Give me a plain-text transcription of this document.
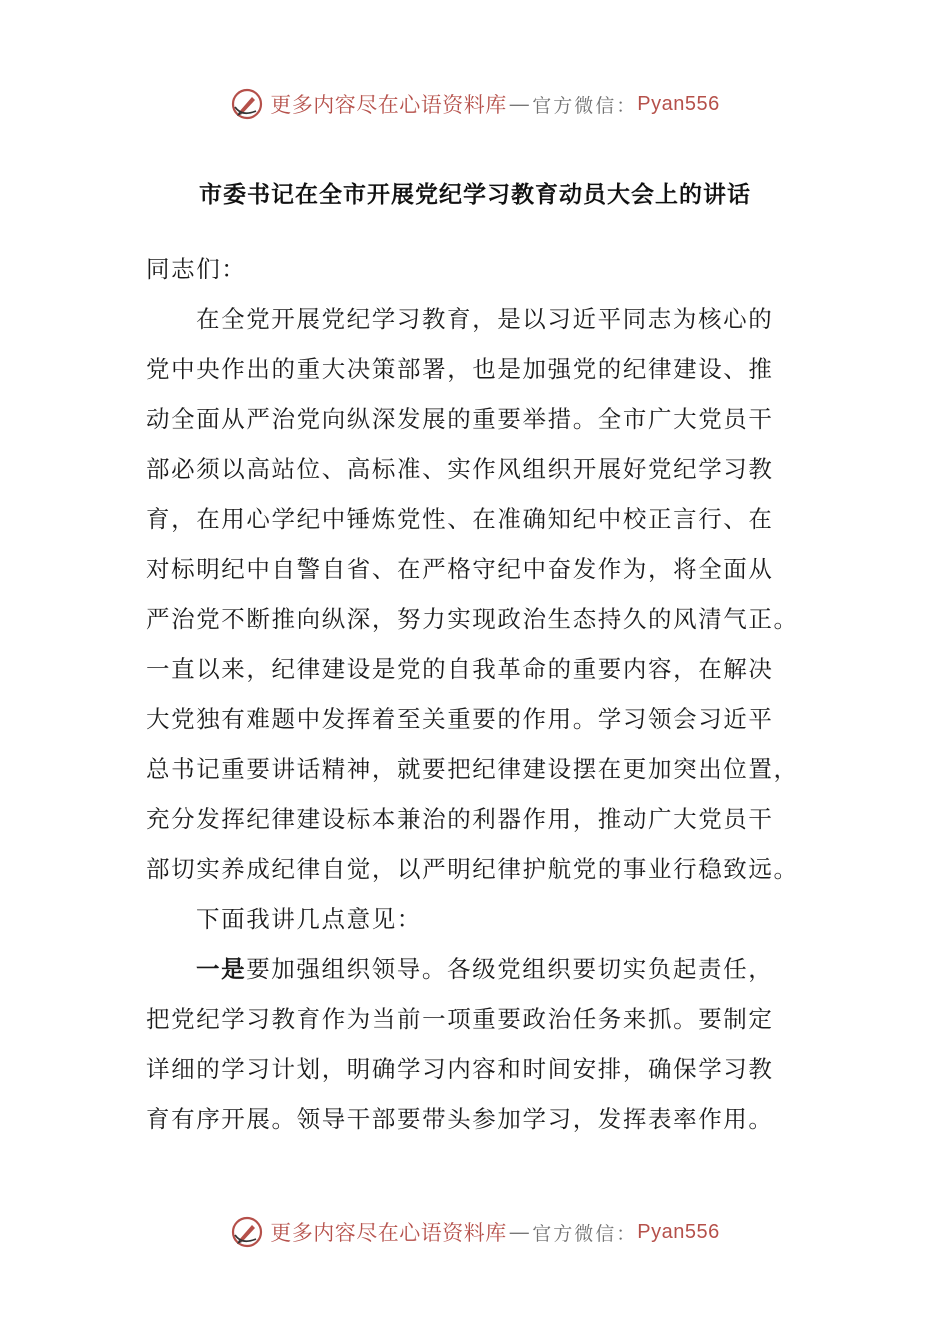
更多内容尽在心语资料库 — 官方微信： Pyan556
市委书记在全市开展党纪学习教育动员大会上的讲话
同志们：
在全党开展党纪学习教育，是以习近平同志为核心的
党中央作出的重大决策部署，也是加强党的纪律建设、推
动全面从严治党向纵深发展的重要举措。全市广大党员干
部必须以高站位、高标准、实作风组织开展好党纪学习教
育，在用心学纪中锤炼党性、在准确知纪中校正言行、在
对标明纪中自警自省、在严格守纪中奋发作为，将全面从
严治党不断推向纵深，努力实现政治生态持久的风清气正。
一直以来，纪律建设是党的自我革命的重要内容，在解决
大党独有难题中发挥着至关重要的作用。学习领会习近平
总书记重要讲话精神，就要把纪律建设摆在更加突出位置，
充分发挥纪律建设标本兼治的利器作用，推动广大党员干
部切实养成纪律自觉，以严明纪律护航党的事业行稳致远。
下面我讲几点意见：
一是要加强组织领导。各级党组织要切实负起责任，
把党纪学习教育作为当前一项重要政治任务来抓。要制定
详细的学习计划，明确学习内容和时间安排，确保学习教
育有序开展。领导干部要带头参加学习，发挥表率作用。
更多内容尽在心语资料库 — 官方微信： Pyan556
